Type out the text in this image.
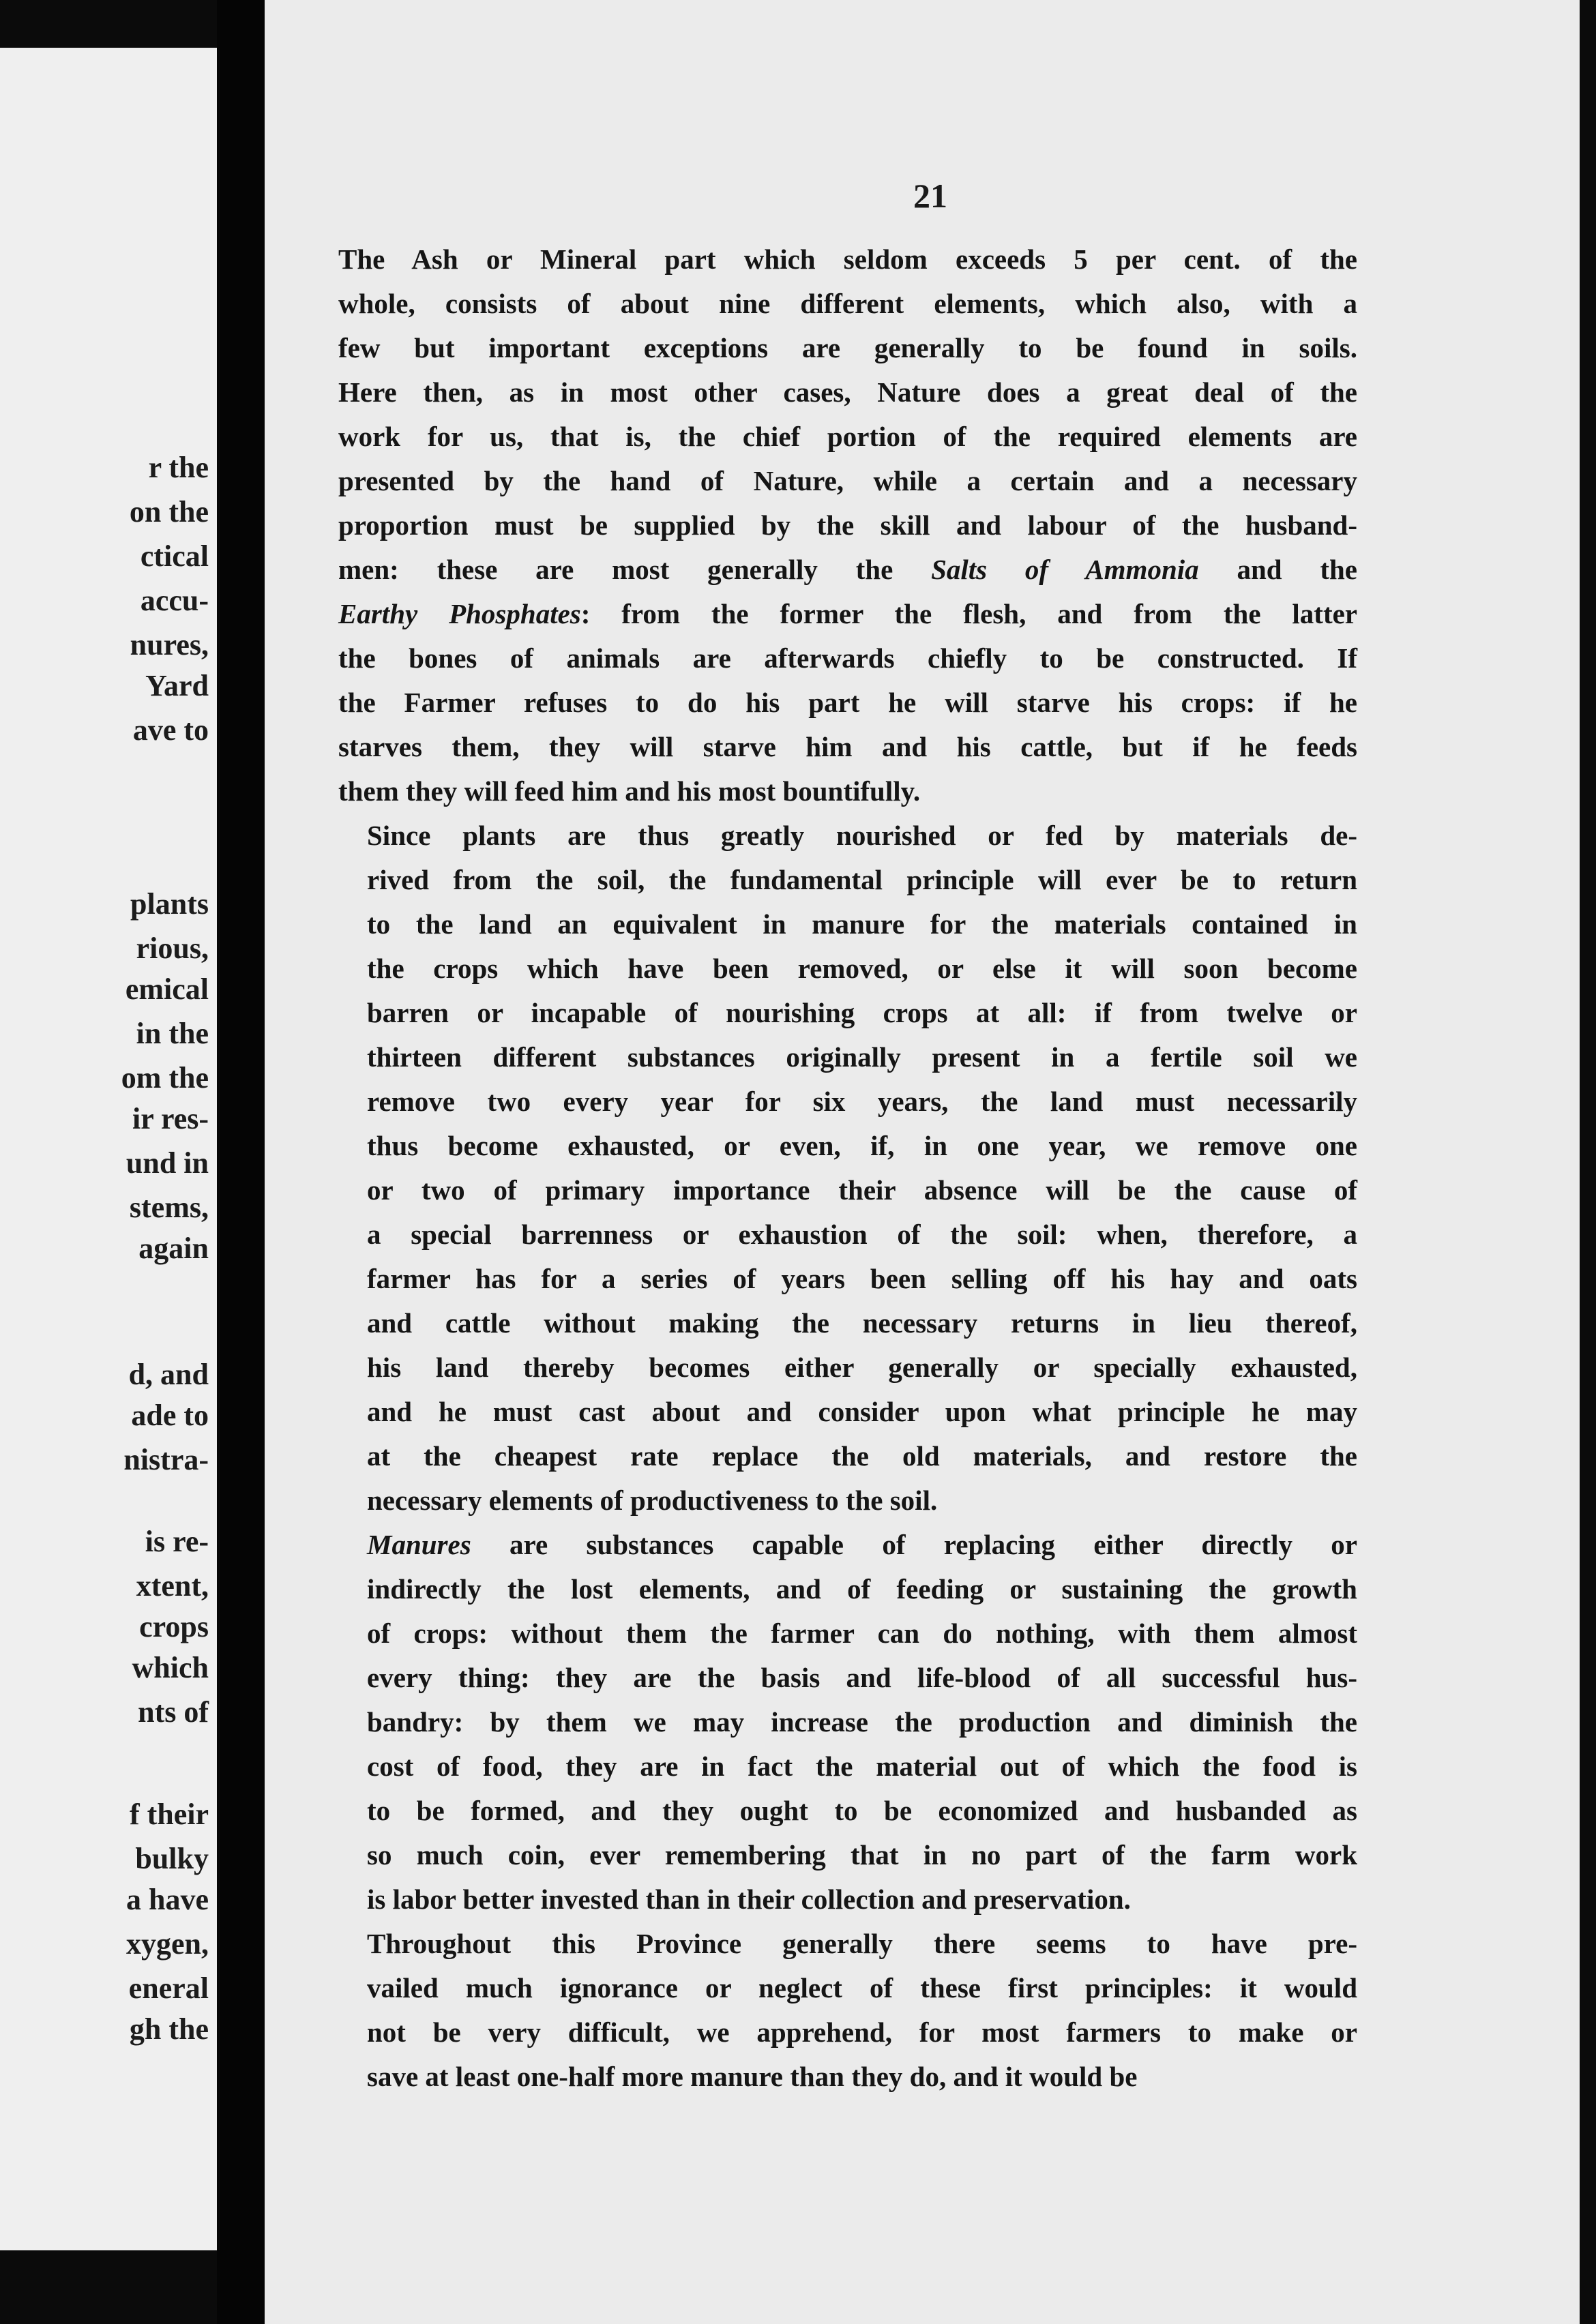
r the
on the
ctical
accu-
nures,
Yard
ave to
plants
rious,
emical
in the
om the
ir res-
und in
stems,
again
d, and
ade to
nistra-
is re-
xtent,
crops
which
nts of
f their
bulky
a have
xygen,
eneral
gh the
21

The Ash or Mineral part which seldom exceeds 5 per cent. of the
whole, consists of about nine different elements, which also, with a
few but important exceptions are generally to be found in soils.
Here then, as in most other cases, Nature does a great deal of the
work for us, that is, the chief portion of the required elements are
presented by the hand of Nature, while a certain and a necessary
proportion must be supplied by the skill and labour of the husband-
men: these are most generally the Salts of Ammonia and the
Earthy Phosphates: from the former the flesh, and from the latter
the bones of animals are afterwards chiefly to be constructed. If
the Farmer refuses to do his part he will starve his crops: if he
starves them, they will starve him and his cattle, but if he feeds
them they will feed him and his most bountifully.

Since plants are thus greatly nourished or fed by materials de-
rived from the soil, the fundamental principle will ever be to return
to the land an equivalent in manure for the materials contained in
the crops which have been removed, or else it will soon become
barren or incapable of nourishing crops at all: if from twelve or
thirteen different substances originally present in a fertile soil we
remove two every year for six years, the land must necessarily
thus become exhausted, or even, if, in one year, we remove one
or two of primary importance their absence will be the cause of
a special barrenness or exhaustion of the soil: when, therefore, a
farmer has for a series of years been selling off his hay and oats
and cattle without making the necessary returns in lieu thereof,
his land thereby becomes either generally or specially exhausted,
and he must cast about and consider upon what principle he may
at the cheapest rate replace the old materials, and restore the
necessary elements of productiveness to the soil.

Manures are substances capable of replacing either directly or
indirectly the lost elements, and of feeding or sustaining the growth
of crops: without them the farmer can do nothing, with them almost
every thing: they are the basis and life-blood of all successful hus-
bandry: by them we may increase the production and diminish the
cost of food, they are in fact the material out of which the food is
to be formed, and they ought to be economized and husbanded as
so much coin, ever remembering that in no part of the farm work
is labor better invested than in their collection and preservation.

Throughout this Province generally there seems to have pre-
vailed much ignorance or neglect of these first principles: it would
not be very difficult, we apprehend, for most farmers to make or
save at least one-half more manure than they do, and it would be
